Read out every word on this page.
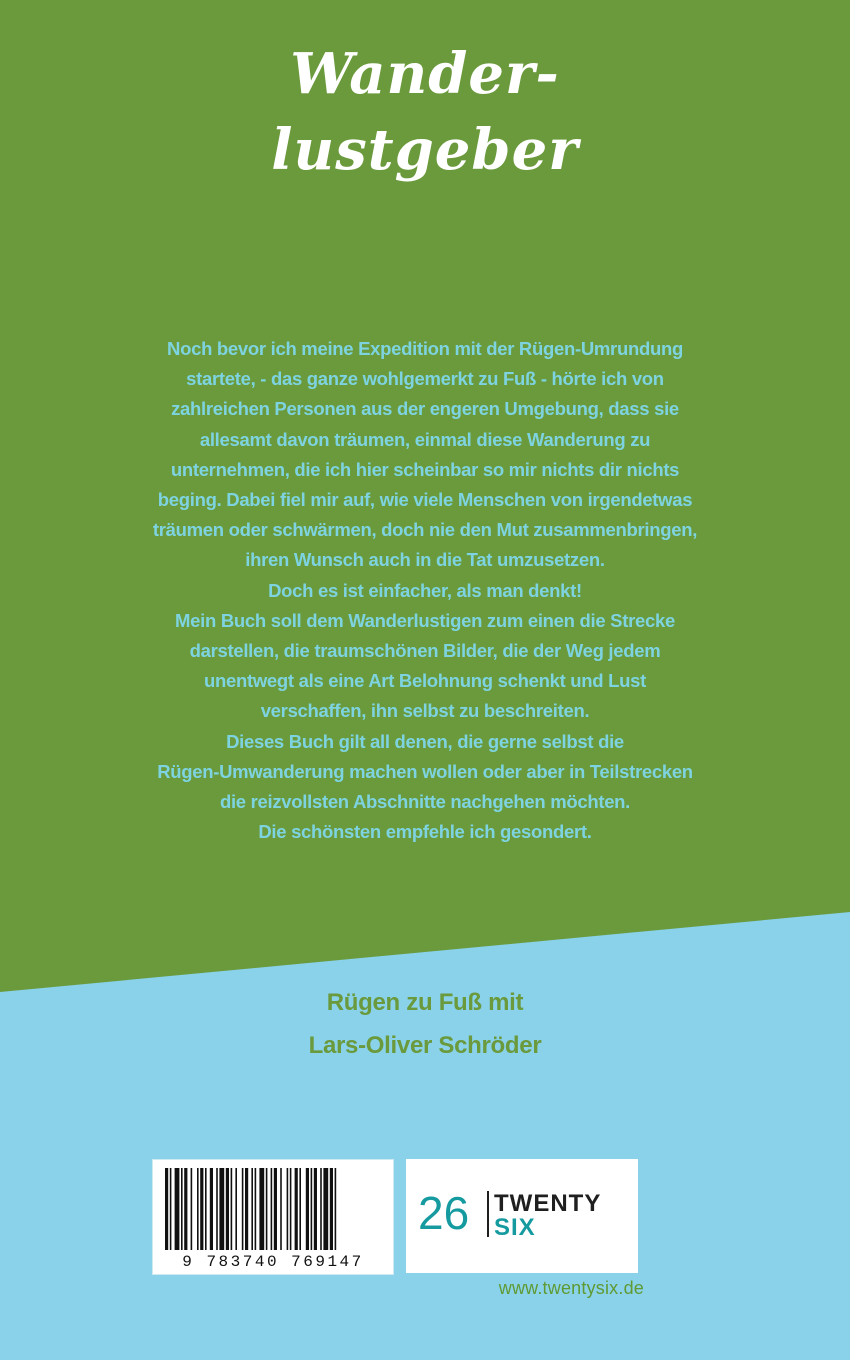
Wander-
lustgeber
Noch bevor ich meine Expedition mit der Rügen-Umrundung
startete, - das ganze wohlgemerkt zu Fuß - hörte ich von
zahlreichen Personen aus der engeren Umgebung, dass sie
allesamt davon träumen, einmal diese Wanderung zu
unternehmen, die ich hier scheinbar so mir nichts dir nichts
beging. Dabei fiel mir auf, wie viele Menschen von irgendetwas
träumen oder schwärmen, doch nie den Mut zusammenbringen,
ihren Wunsch auch in die Tat umzusetzen.
Doch es ist einfacher, als man denkt!
Mein Buch soll dem Wanderlustigen zum einen die Strecke
darstellen, die traumschönen Bilder, die der Weg jedem
unentwegt als eine Art Belohnung schenkt und Lust
verschaffen, ihn selbst zu beschreiten.
Dieses Buch gilt all denen, die gerne selbst die
Rügen-Umwanderung machen wollen oder aber in Teilstrecken
die reizvollsten Abschnitte nachgehen möchten.
Die schönsten empfehle ich gesondert.
Rügen zu Fuß mit
Lars-Oliver Schröder
9 783740 769147
26 TWENTY
SIX
www.twentysix.de
